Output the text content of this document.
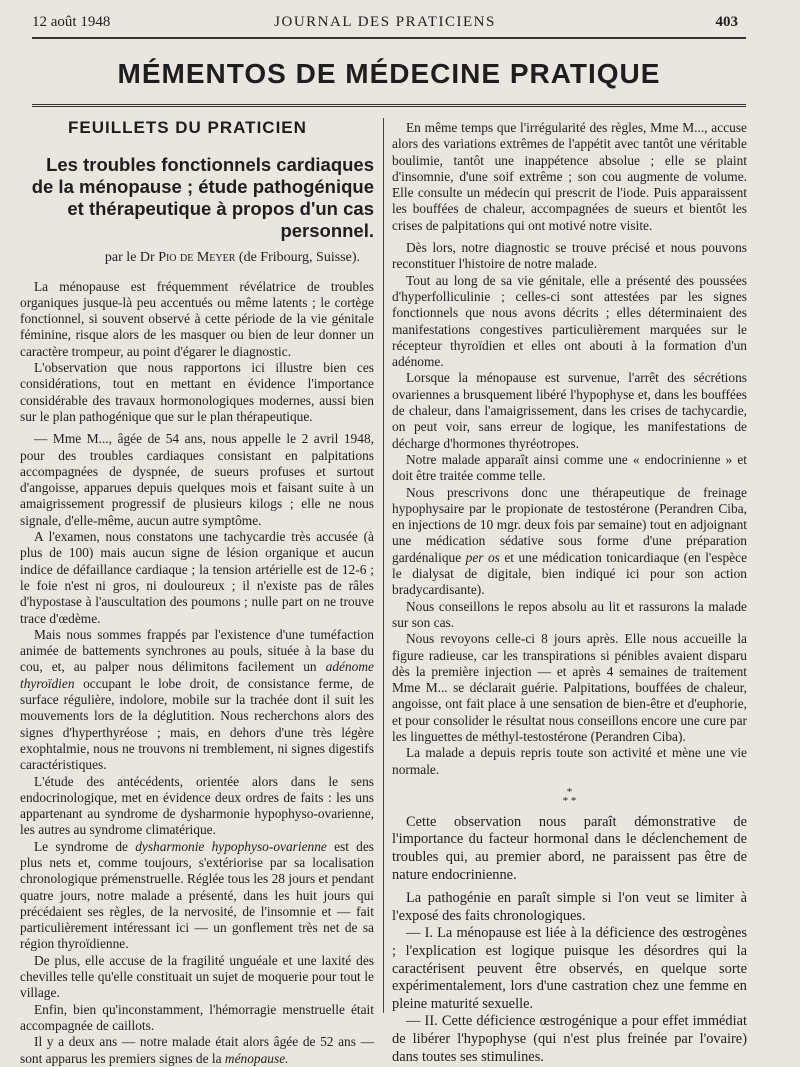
12 août 1948	JOURNAL DES PRATICIENS	403
MÉMENTOS DE MÉDECINE PRATIQUE
FEUILLETS DU PRATICIEN
Les troubles fonctionnels cardiaques de la ménopause ; étude pathogénique et thérapeutique à propos d'un cas personnel.
par le Dr Pio de Meyer (de Fribourg, Suisse).

La ménopause est fréquemment révélatrice de troubles organiques jusque-là peu accentués ou même latents ; le cortège fonctionnel, si souvent observé à cette période de la vie génitale féminine, risque alors de les masquer ou bien de leur donner un caractère trompeur, au point d'égarer le diagnostic.

L'observation que nous rapportons ici illustre bien ces considérations, tout en mettant en évidence l'importance considérable des travaux hormonologiques modernes, aussi bien sur le plan pathogénique que sur le plan thérapeutique.

— Mme M..., âgée de 54 ans, nous appelle le 2 avril 1948, pour des troubles cardiaques consistant en palpitations accompagnées de dyspnée, de sueurs profuses et surtout d'angoisse, apparues depuis quelques mois et faisant suite à un amaigrissement progressif de plusieurs kilogs ; elle ne nous signale, d'elle-même, aucun autre symptôme.

A l'examen, nous constatons une tachycardie très accusée (à plus de 100) mais aucun signe de lésion organique et aucun indice de défaillance cardiaque ; la tension artérielle est de 12-6 ; le foie n'est ni gros, ni douloureux ; il n'existe pas de râles d'hypostase à l'auscultation des poumons ; nulle part on ne trouve trace d'œdème.

Mais nous sommes frappés par l'existence d'une tuméfaction animée de battements synchrones au pouls, située à la base du cou, et, au palper nous délimitons facilement un adénome thyroïdien occupant le lobe droit, de consistance ferme, de surface régulière, indolore, mobile sur la trachée dont il suit les mouvements lors de la déglutition. Nous recherchons alors des signes d'hyperthyréose ; mais, en dehors d'une très légère exophtalmie, nous ne trouvons ni tremblement, ni signes digestifs caractéristiques.

L'étude des antécédents, orientée alors dans le sens endocrinologique, met en évidence deux ordres de faits : les uns appartenant au syndrome de dysharmonie hypophyso-ovarienne, les autres au syndrome climatérique.

Le syndrome de dysharmonie hypophyso-ovarienne est des plus nets et, comme toujours, s'extériorise par sa localisation chronologique prémenstruelle. Réglée tous les 28 jours et pendant quatre jours, notre malade a présenté, dans les huit jours qui précédaient ses règles, de la nervosité, de l'insomnie et — fait particulièrement intéressant ici — un gonflement très net de sa région thyroïdienne.

De plus, elle accuse de la fragilité unguéale et une laxité des chevilles telle qu'elle constituait un sujet de moquerie pour tout le village.

Enfin, bien qu'inconstamment, l'hémorragie menstruelle était accompagnée de caillots.

Il y a deux ans — notre malade était alors âgée de 52 ans — sont apparus les premiers signes de la ménopause.

En même temps que l'irrégularité des règles, Mme M..., accuse alors des variations extrêmes de l'appétit avec tantôt une véritable boulimie, tantôt une inappétence absolue ; elle se plaint d'insomnie, d'une soif extrême ; son cou augmente de volume. Elle consulte un médecin qui prescrit de l'iode. Puis apparaissent les bouffées de chaleur, accompagnées de sueurs et bientôt les crises de palpitations qui ont motivé notre visite.

Dès lors, notre diagnostic se trouve précisé et nous pouvons reconstituer l'histoire de notre malade.

Tout au long de sa vie génitale, elle a présenté des poussées d'hyperfolliculinie ; celles-ci sont attestées par les signes fonctionnels que nous avons décrits ; elles déterminaient des manifestations congestives particulièrement marquées sur le récepteur thyroïdien et elles ont abouti à la formation d'un adénome.

Lorsque la ménopause est survenue, l'arrêt des sécrétions ovariennes a brusquement libéré l'hypophyse et, dans les bouffées de chaleur, dans l'amaigrissement, dans les crises de tachycardie, on peut voir, sans erreur de logique, les manifestations de décharge d'hormones thyréotropes.

Notre malade apparaît ainsi comme une « endocrinienne » et doit être traitée comme telle.

Nous prescrivons donc une thérapeutique de freinage hypophysaire par le propionate de testostérone (Perandren Ciba, en injections de 10 mgr. deux fois par semaine) tout en adjoignant une médication sédative sous forme d'une préparation gardénalique per os et une médication tonicardiaque (en l'espèce le dialysat de digitale, bien indiqué ici pour son action bradycardisante).

Nous conseillons le repos absolu au lit et rassurons la malade sur son cas.

Nous revoyons celle-ci 8 jours après. Elle nous accueille la figure radieuse, car les transpirations si pénibles avaient disparu dès la première injection — et après 4 semaines de traitement Mme M... se déclarait guérie. Palpitations, bouffées de chaleur, angoisse, ont fait place à une sensation de bien-être et d'euphorie, et pour consolider le résultat nous conseillons encore une cure par les linguettes de méthyl-testostérone (Perandren Ciba).

La malade a depuis repris toute son activité et mène une vie normale.

*
* *

Cette observation nous paraît démonstrative de l'importance du facteur hormonal dans le déclenchement de troubles qui, au premier abord, ne paraissent pas être de nature endocrinienne.

La pathogénie en paraît simple si l'on veut se limiter à l'exposé des faits chronologiques.

— I. La ménopause est liée à la déficience des œstrogènes ; l'explication est logique puisque les désordres qui la caractérisent peuvent être observés, en quelque sorte expérimentalement, lors d'une castration chez une femme en pleine maturité sexuelle.

— II. Cette déficience œstrogénique a pour effet immédiat de libérer l'hypophyse (qui n'est plus freinée par l'ovaire) dans toutes ses stimulines.
